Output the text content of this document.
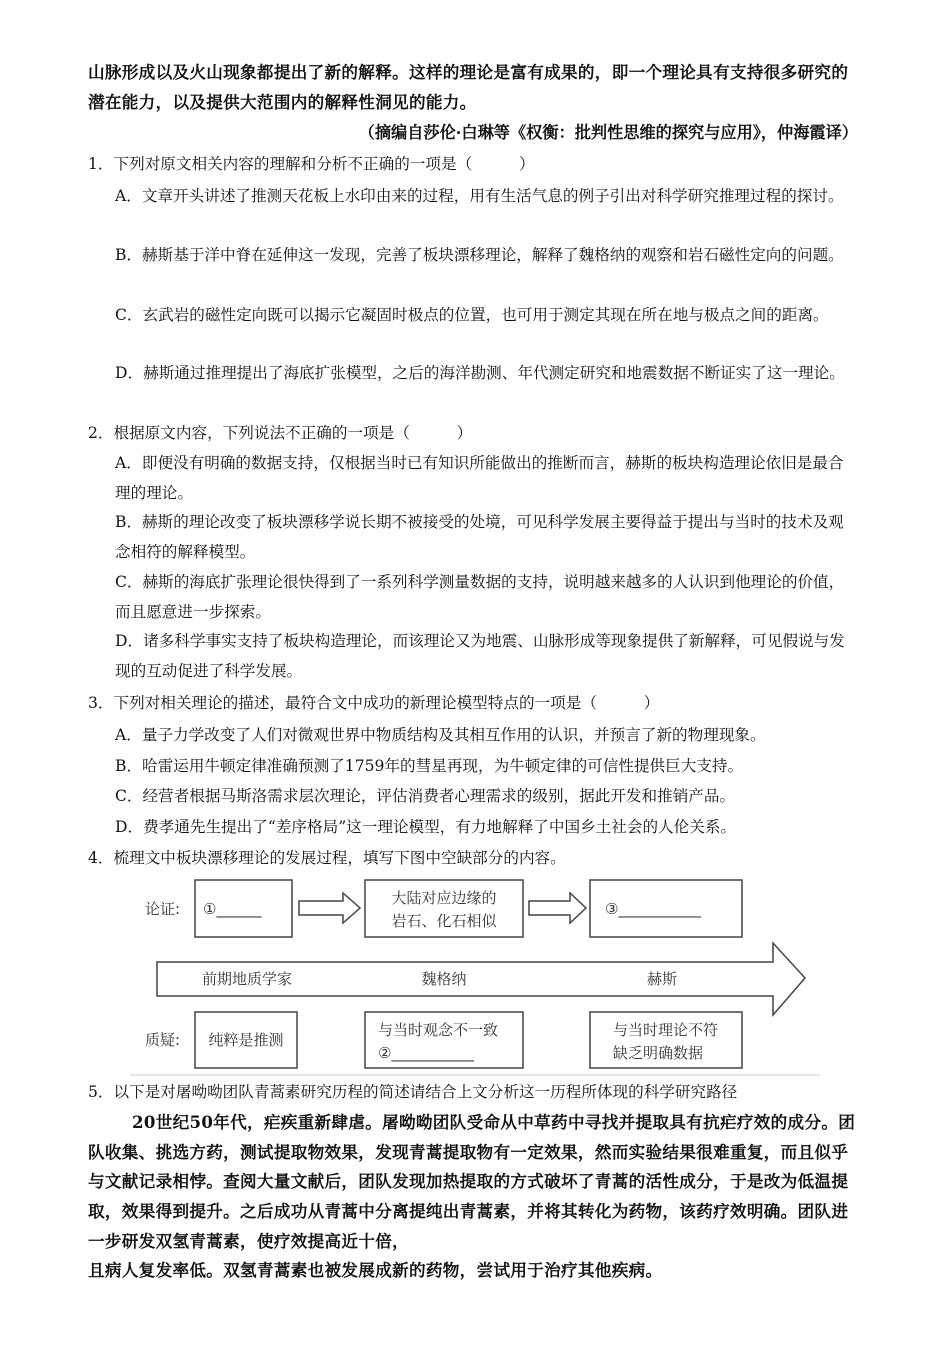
山脉形成以及火山现象都提出了新的解释。这样的理论是富有成果的，即一个理论具有支持很多研究的潜在能力，以及提供大范围内的解释性洞见的能力。
（摘编自莎伦·白琳等《权衡：批判性思维的探究与应用》，仲海霞译）
1．下列对原文相关内容的理解和分析不正确的一项是（　　　）
A．文章开头讲述了推测天花板上水印由来的过程，用有生活气息的例子引出对科学研究推理过程的探讨。
B．赫斯基于洋中脊在延伸这一发现，完善了板块漂移理论，解释了魏格纳的观察和岩石磁性定向的问题。
C．玄武岩的磁性定向既可以揭示它凝固时极点的位置，也可用于测定其现在所在地与极点之间的距离。
D．赫斯通过推理提出了海底扩张模型，之后的海洋勘测、年代测定研究和地震数据不断证实了这一理论。
2．根据原文内容，下列说法不正确的一项是（　　　）
A．即便没有明确的数据支持，仅根据当时已有知识所能做出的推断而言，赫斯的板块构造理论依旧是最合理的理论。
B．赫斯的理论改变了板块漂移学说长期不被接受的处境，可见科学发展主要得益于提出与当时的技术及观念相符的解释模型。
C．赫斯的海底扩张理论很快得到了一系列科学测量数据的支持，说明越来越多的人认识到他理论的价值，而且愿意进一步探索。
D．诸多科学事实支持了板块构造理论，而该理论又为地震、山脉形成等现象提供了新解释，可见假说与发现的互动促进了科学发展。
3．下列对相关理论的描述，最符合文中成功的新理论模型特点的一项是（　　　）
A．量子力学改变了人们对微观世界中物质结构及其相互作用的认识，并预言了新的物理现象。
B．哈雷运用牛顿定律准确预测了1759年的彗星再现，为牛顿定律的可信性提供巨大支持。
C．经营者根据马斯洛需求层次理论，评估消费者心理需求的级别，据此开发和推销产品。
D．费孝通先生提出了“差序格局”这一理论模型，有力地解释了中国乡土社会的人伦关系。
4．梳理文中板块漂移理论的发展过程，填写下图中空缺部分的内容。
论证:
质疑:
①______
大陆对应边缘的
岩石、化石相似
③___________
前期地质学家	魏格纳	赫斯
纯粹是推测
与当时观念不一致
②___________
与当时理论不符
缺乏明确数据
5．以下是对屠呦呦团队青蒿素研究历程的简述请结合上文分析这一历程所体现的科学研究路径
20世纪50年代，疟疾重新肆虐。屠呦呦团队受命从中草药中寻找并提取具有抗疟疗效的成分。团队收集、挑选方药，测试提取物效果，发现青蒿提取物有一定效果，然而实验结果很难重复，而且似乎与文献记录相悖。查阅大量文献后，团队发现加热提取的方式破坏了青蒿的活性成分，于是改为低温提取，效果得到提升。之后成功从青蒿中分离提纯出青蒿素，并将其转化为药物，该药疗效明确。团队进一步研发双氢青蒿素，使疗效提高近十倍，
且病人复发率低。双氢青蒿素也被发展成新的药物，尝试用于治疗其他疾病。
